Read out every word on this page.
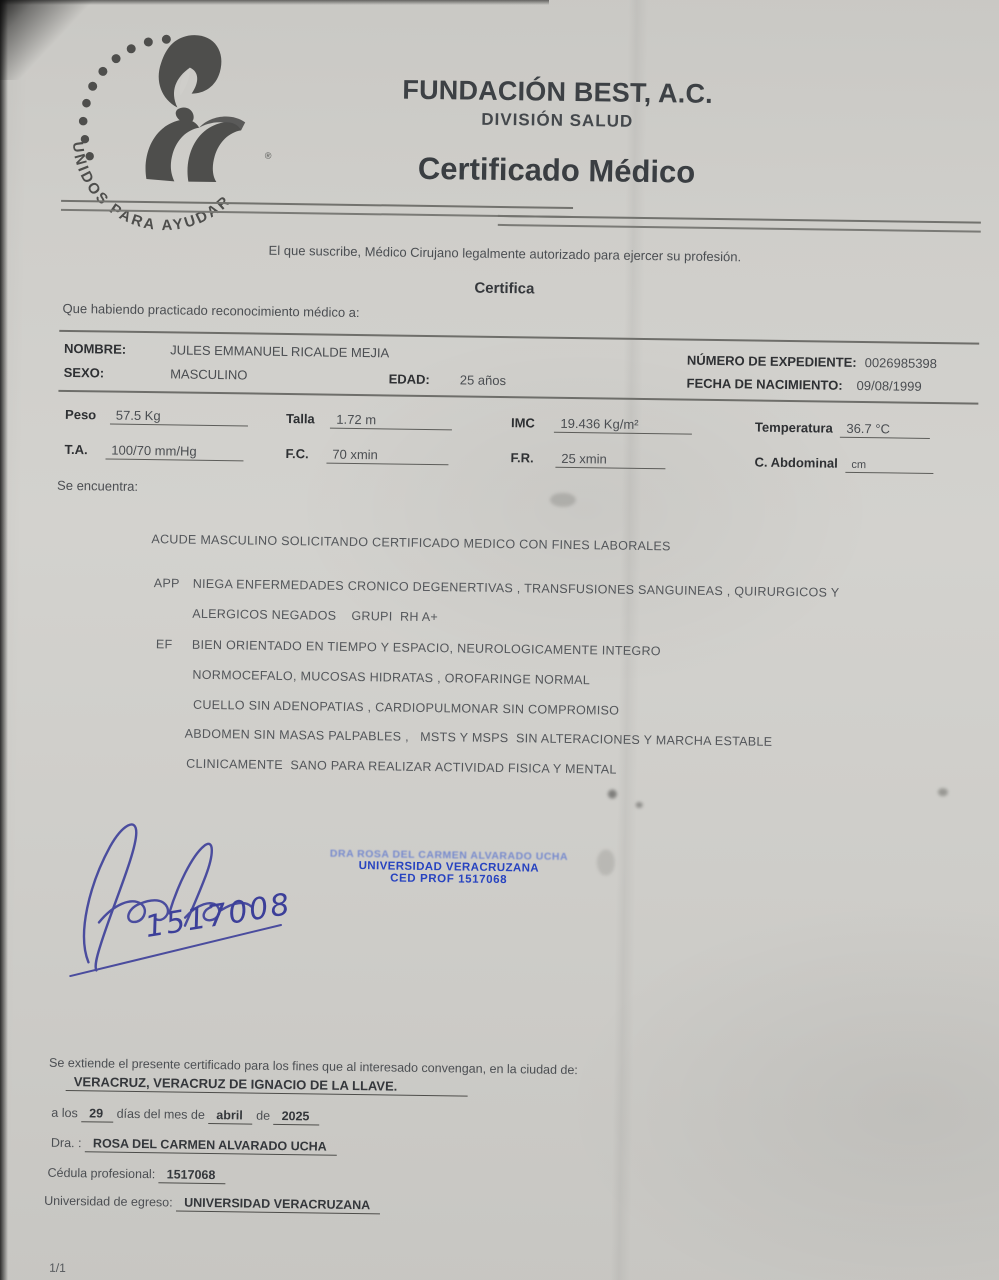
UNIDOS PARA AYUDAR
®
FUNDACIÓN BEST, A.C.
DIVISIÓN SALUD
Certificado Médico
El que suscribe, Médico Cirujano legalmente autorizado para ejercer su profesión.
Certifica
Que habiendo practicado reconocimiento médico a:
NOMBRE:	JULES EMMANUEL RICALDE MEJIA
SEXO:	MASCULINO	EDAD: 25 años
NÚMERO DE EXPEDIENTE: 0026985398
FECHA DE NACIMIENTO: 09/08/1999
Peso 57.5 Kg	Talla 1.72 m	IMC 19.436 Kg/m²	Temperatura 36.7 °C
T.A. 100/70 mm/Hg	F.C. 70 xmin	F.R. 25 xmin	C. Abdominal cm
Se encuentra:
ACUDE MASCULINO SOLICITANDO CERTIFICADO MEDICO CON FINES LABORALES
APP NIEGA ENFERMEDADES CRONICO DEGENERTIVAS , TRANSFUSIONES SANGUINEAS , QUIRURGICOS Y
ALERGICOS NEGADOS    GRUPI  RH A+
EF BIEN ORIENTADO EN TIEMPO Y ESPACIO, NEUROLOGICAMENTE INTEGRO
NORMOCEFALO, MUCOSAS HIDRATAS , OROFARINGE NORMAL
CUELLO SIN ADENOPATIAS , CARDIOPULMONAR SIN COMPROMISO
ABDOMEN SIN MASAS PALPABLES ,   MSTS Y MSPS  SIN ALTERACIONES Y MARCHA ESTABLE
CLINICAMENTE  SANO PARA REALIZAR ACTIVIDAD FISICA Y MENTAL
1517008
DRA ROSA DEL CARMEN ALVARADO UCHA
UNIVERSIDAD VERACRUZANA
CED PROF 1517068
Se extiende el presente certificado para los fines que al interesado convengan, en la ciudad de:
VERACRUZ, VERACRUZ DE IGNACIO DE LA LLAVE.
a los 29 días del mes de abril de 2025
Dra. : ROSA DEL CARMEN ALVARADO UCHA
Cédula profesional: 1517068
Universidad de egreso: UNIVERSIDAD VERACRUZANA
1/1
